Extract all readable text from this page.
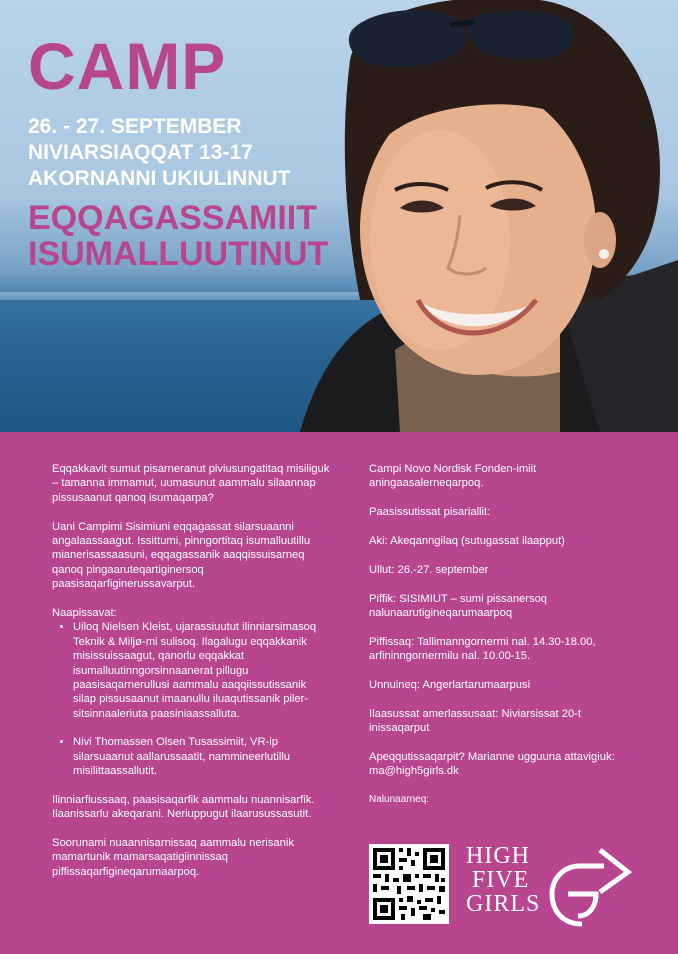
CAMP
26. - 27. SEPTEMBER
NIVIARSIAQQAT 13-17
AKORNANNI UKIULINNUT
EQQAGASSAMIIT
ISUMALLUUTINUT

Eqqakkavit sumut pisarneranut piviusungatitaq misiliguk – tamanna immamut, uumasunut aammalu silaannap pissusaanut qanoq isumaqarpa?

Uani Campimi Sisimiuni eqqagassat silarsuaanni angalaassaagut. Issittumi, pinngortitaq isumalluutillu mianerisassaasuni, eqqagassanik aaqqissuisarneq qanoq pingaaruteqartiginersoq paasisaqarfiginerussavarput.

Naapissavat:

• Uiloq Nielsen Kleist, ujarassiuutut ilinniarsimasoq Teknik & Miljø-mi sulisoq. Ilagalugu eqqakkanik misissuissaagut, qanorlu eqqakkat isumalluutinngorsinnaanerat pillugu paasisaqarnerullusi aammalu aaqqiissutissanik silap pissusaanut imaanullu iluaqutissanik pilersitsinnaaleriuta paasiniaassalluta.
• Nivi Thomassen Olsen Tusassimiit, VR-ip silarsuaanut aallarussaatit, nammineerlutillu misilittaassallutit.

Ilinniarfiussaaq, paasisaqarfik aammalu nuannisarfik. Ilaanissarlu akeqarani. Neriuppugut ilaarusussasutit.

Soorunami nuaannisarnissaq aammalu nerisanik mamartunik mamarsaqatigiinnissaq piffissaqarfigineqarumaarpoq.

Campi Novo Nordisk Fonden-imiit aningaasalerneqarpoq.

Paasissutissat pisariallit:

Aki: Akeqanngilaq (sutugassat ilaapput)

Ullut: 26.-27. september

Piffik: SISIMIUT – sumi pissanersoq nalunaarutigineqarumaarpoq

Piffissaq: Tallimanngornermi nal. 14.30-18.00, arfininngornermilu nal. 10.00-15.

Unnuineq: Angerlartarumaarpusi

Ilaasussat amerlassusaat: Niviarsissat 20-t inissaqarput

Apeqqutissaqarpit? Marianne ugguuna attavigiuk: ma@high5girls.dk

Nalunaarneq:

HIGH
FIVE
GIRLS
